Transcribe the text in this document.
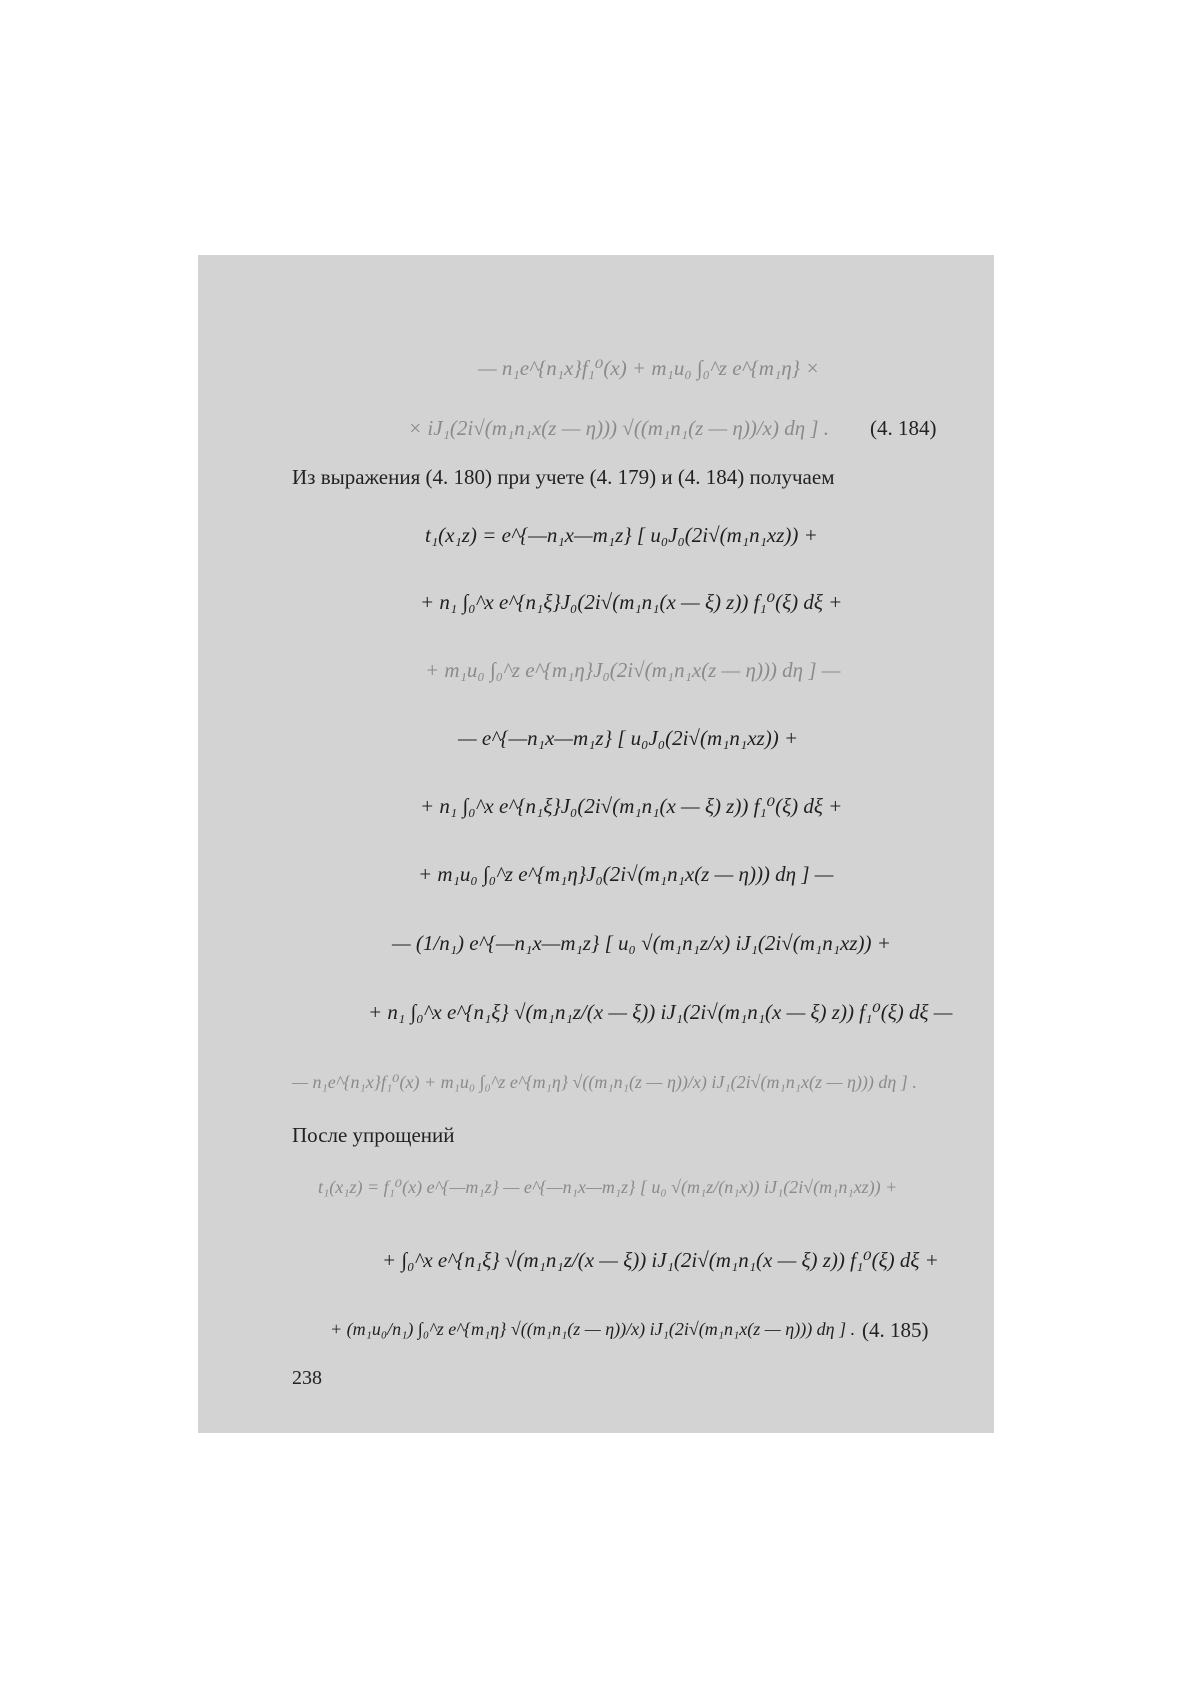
— n₁e^{n₁x}f₁⁰(x) + m₁u₀ ∫₀^z e^{m₁η} ×
× iJ₁(2i√(m₁n₁x(z — η))) √((m₁n₁(z — η))/x) dη ] . (4. 184)
Из выражения (4. 180) при учете (4. 179) и (4. 184) получаем
t₁(x₁z) = e^{—n₁x—m₁z} [ u₀J₀(2i√(m₁n₁xz)) +
+ n₁ ∫₀^x e^{n₁ξ}J₀(2i√(m₁n₁(x — ξ) z)) f₁⁰(ξ) dξ +
+ m₁u₀ ∫₀^z e^{m₁η}J₀(2i√(m₁n₁x(z — η))) dη ] —
— e^{—n₁x—m₁z} [ u₀J₀(2i√(m₁n₁xz)) +
+ n₁ ∫₀^x e^{n₁ξ}J₀(2i√(m₁n₁(x — ξ) z)) f₁⁰(ξ) dξ +
+ m₁u₀ ∫₀^z e^{m₁η}J₀(2i√(m₁n₁x(z — η))) dη ] —
— (1/n₁) e^{—n₁x—m₁z} [ u₀ √(m₁n₁z/x) iJ₁(2i√(m₁n₁xz)) +
+ n₁ ∫₀^x e^{n₁ξ} √(m₁n₁z/(x — ξ)) iJ₁(2i√(m₁n₁(x — ξ) z)) f₁⁰(ξ) dξ —
— n₁e^{n₁x}f₁⁰(x) + m₁u₀ ∫₀^z e^{m₁η} √((m₁n₁(z — η))/x) iJ₁(2i√(m₁n₁x(z — η))) dη ] .
После упрощений
t₁(x₁z) = f₁⁰(x) e^{—m₁z} — e^{—n₁x—m₁z} [ u₀ √(m₁z/(n₁x)) iJ₁(2i√(m₁n₁xz)) +
+ ∫₀^x e^{n₁ξ} √(m₁n₁z/(x — ξ)) iJ₁(2i√(m₁n₁(x — ξ) z)) f₁⁰(ξ) dξ +
+ (m₁u₀/n₁) ∫₀^z e^{m₁η} √((m₁n₁(z — η))/x) iJ₁(2i√(m₁n₁x(z — η))) dη ] . (4. 185)
238
